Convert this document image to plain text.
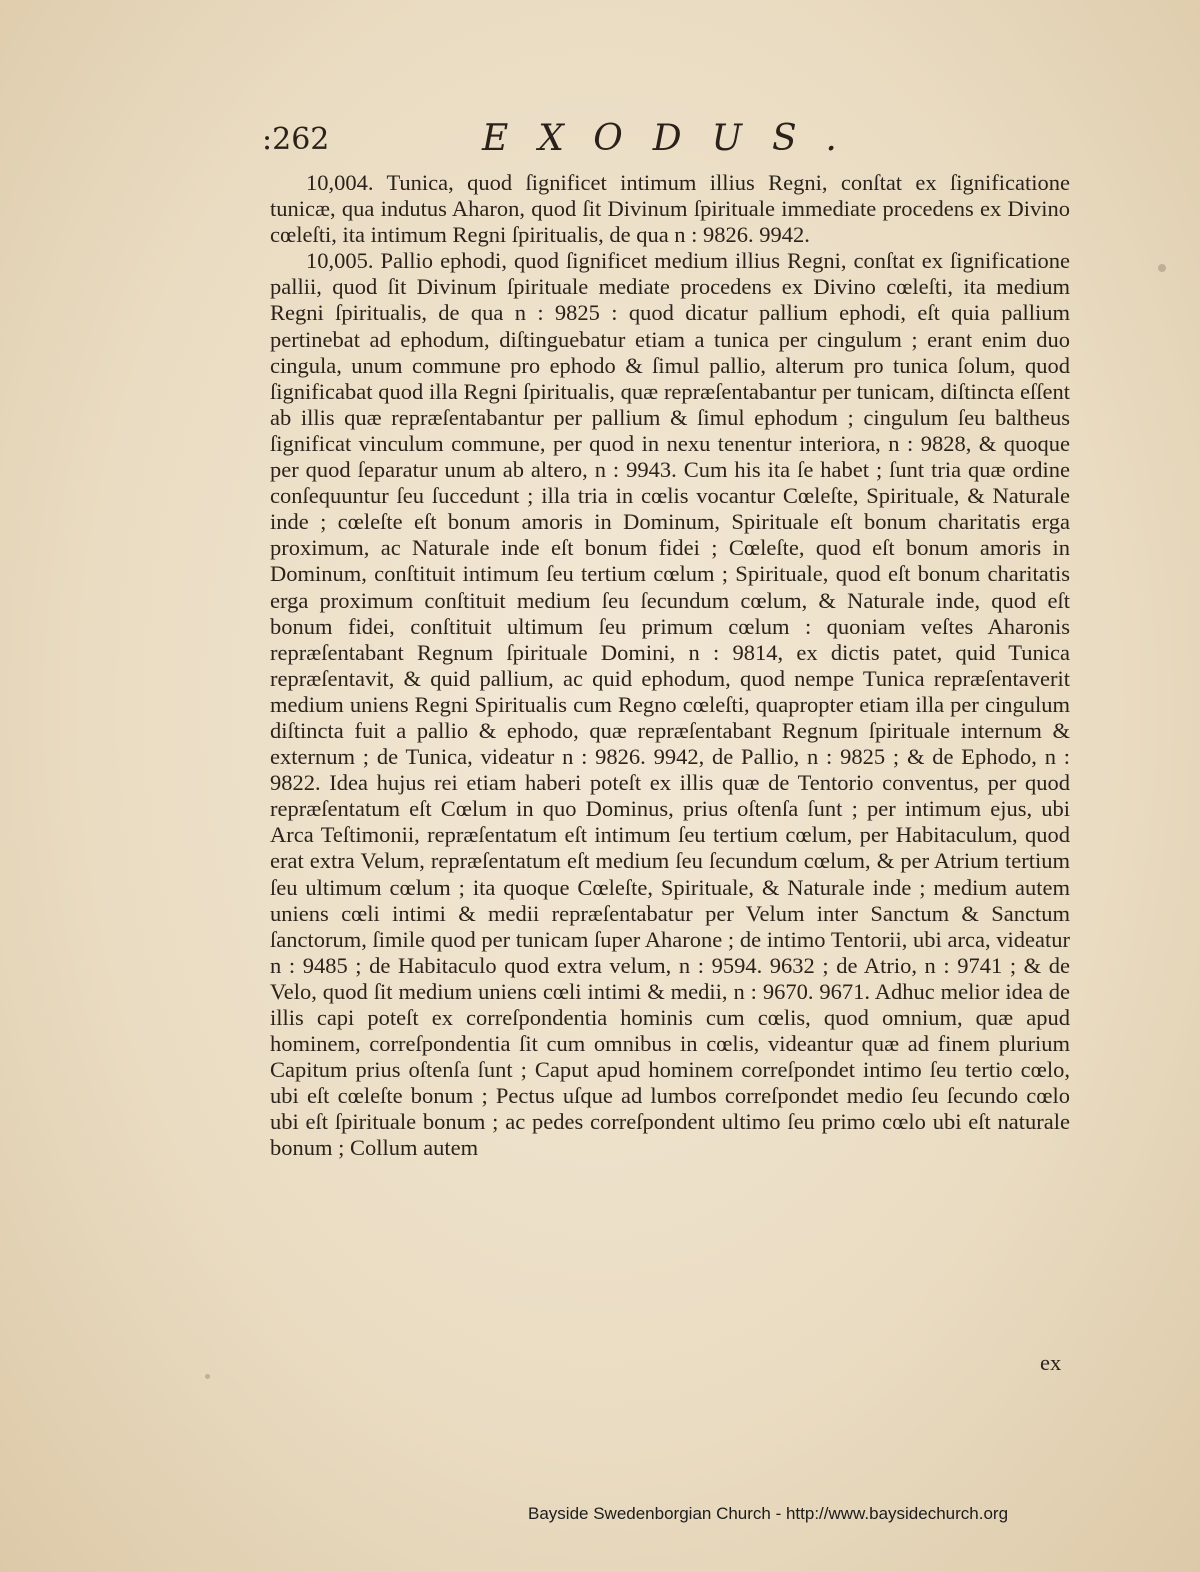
:262	EXODUS.

10,004. Tunica, quod ſignificet intimum illius Regni, conſtat ex ſignificatione tunicæ, qua indutus Aharon, quod ſit Divinum ſpirituale immediate procedens ex Divino cœleſti, ita intimum Regni ſpiritualis, de qua n : 9826. 9942.

10,005. Pallio ephodi, quod ſignificet medium illius Regni, conſtat ex ſignificatione pallii, quod ſit Divinum ſpirituale mediate procedens ex Divino cœleſti, ita medium Regni ſpiritualis, de qua n : 9825 : quod dicatur pallium ephodi, eſt quia pallium pertinebat ad ephodum, diſtinguebatur etiam a tunica per cingulum ; erant enim duo cingula, unum commune pro ephodo & ſimul pallio, alterum pro tunica ſolum, quod ſignificabat quod illa Regni ſpiritualis, quæ repræſentabantur per tunicam, diſtincta eſſent ab illis quæ repræſentabantur per pallium & ſimul ephodum ; cingulum ſeu baltheus ſignificat vinculum commune, per quod in nexu tenentur interiora, n : 9828, & quoque per quod ſeparatur unum ab altero, n : 9943. Cum his ita ſe habet ; ſunt tria quæ ordine conſequuntur ſeu ſuccedunt ; illa tria in cœlis vocantur Cœleſte, Spirituale, & Naturale inde ; cœleſte eſt bonum amoris in Dominum, Spirituale eſt bonum charitatis erga proximum, ac Naturale inde eſt bonum fidei ; Cœleſte, quod eſt bonum amoris in Dominum, conſtituit intimum ſeu tertium cœlum ; Spirituale, quod eſt bonum charitatis erga proximum conſtituit medium ſeu ſecundum cœlum, & Naturale inde, quod eſt bonum fidei, conſtituit ultimum ſeu primum cœlum : quoniam veſtes Aharonis repræſentabant Regnum ſpirituale Domini, n : 9814, ex dictis patet, quid Tunica repræſentavit, & quid pallium, ac quid ephodum, quod nempe Tunica repræſentaverit medium uniens Regni Spiritualis cum Regno cœleſti, quapropter etiam illa per cingulum diſtincta fuit a pallio & ephodo, quæ repræſentabant Regnum ſpirituale internum & externum ; de Tunica, videatur n : 9826. 9942, de Pallio, n : 9825 ; & de Ephodo, n : 9822. Idea hujus rei etiam haberi poteſt ex illis quæ de Tentorio conventus, per quod repræſentatum eſt Cœlum in quo Dominus, prius oſtenſa ſunt ; per intimum ejus, ubi Arca Teſtimonii, repræſentatum eſt intimum ſeu tertium cœlum, per Habitaculum, quod erat extra Velum, repræſentatum eſt medium ſeu ſecundum cœlum, & per Atrium tertium ſeu ultimum cœlum ; ita quoque Cœleſte, Spirituale, & Naturale inde ; medium autem uniens cœli intimi & medii repræſentabatur per Velum inter Sanctum & Sanctum ſanctorum, ſimile quod per tunicam ſuper Aharone ; de intimo Tentorii, ubi arca, videatur n : 9485 ; de Habitaculo quod extra velum, n : 9594. 9632 ; de Atrio, n : 9741 ; & de Velo, quod ſit medium uniens cœli intimi & medii, n : 9670. 9671. Adhuc melior idea de illis capi poteſt ex correſpondentia hominis cum cœlis, quod omnium, quæ apud hominem, correſpondentia ſit cum omnibus in cœlis, videantur quæ ad finem plurium Capitum prius oſtenſa ſunt ; Caput apud hominem correſpondet intimo ſeu tertio cœlo, ubi eſt cœleſte bonum ; Pectus uſque ad lumbos correſpondet medio ſeu ſecundo cœlo ubi eſt ſpirituale bonum ; ac pedes correſpondent ultimo ſeu primo cœlo ubi eſt naturale bonum ; Collum autem

ex
Bayside Swedenborgian Church - http://www.baysidechurch.org
